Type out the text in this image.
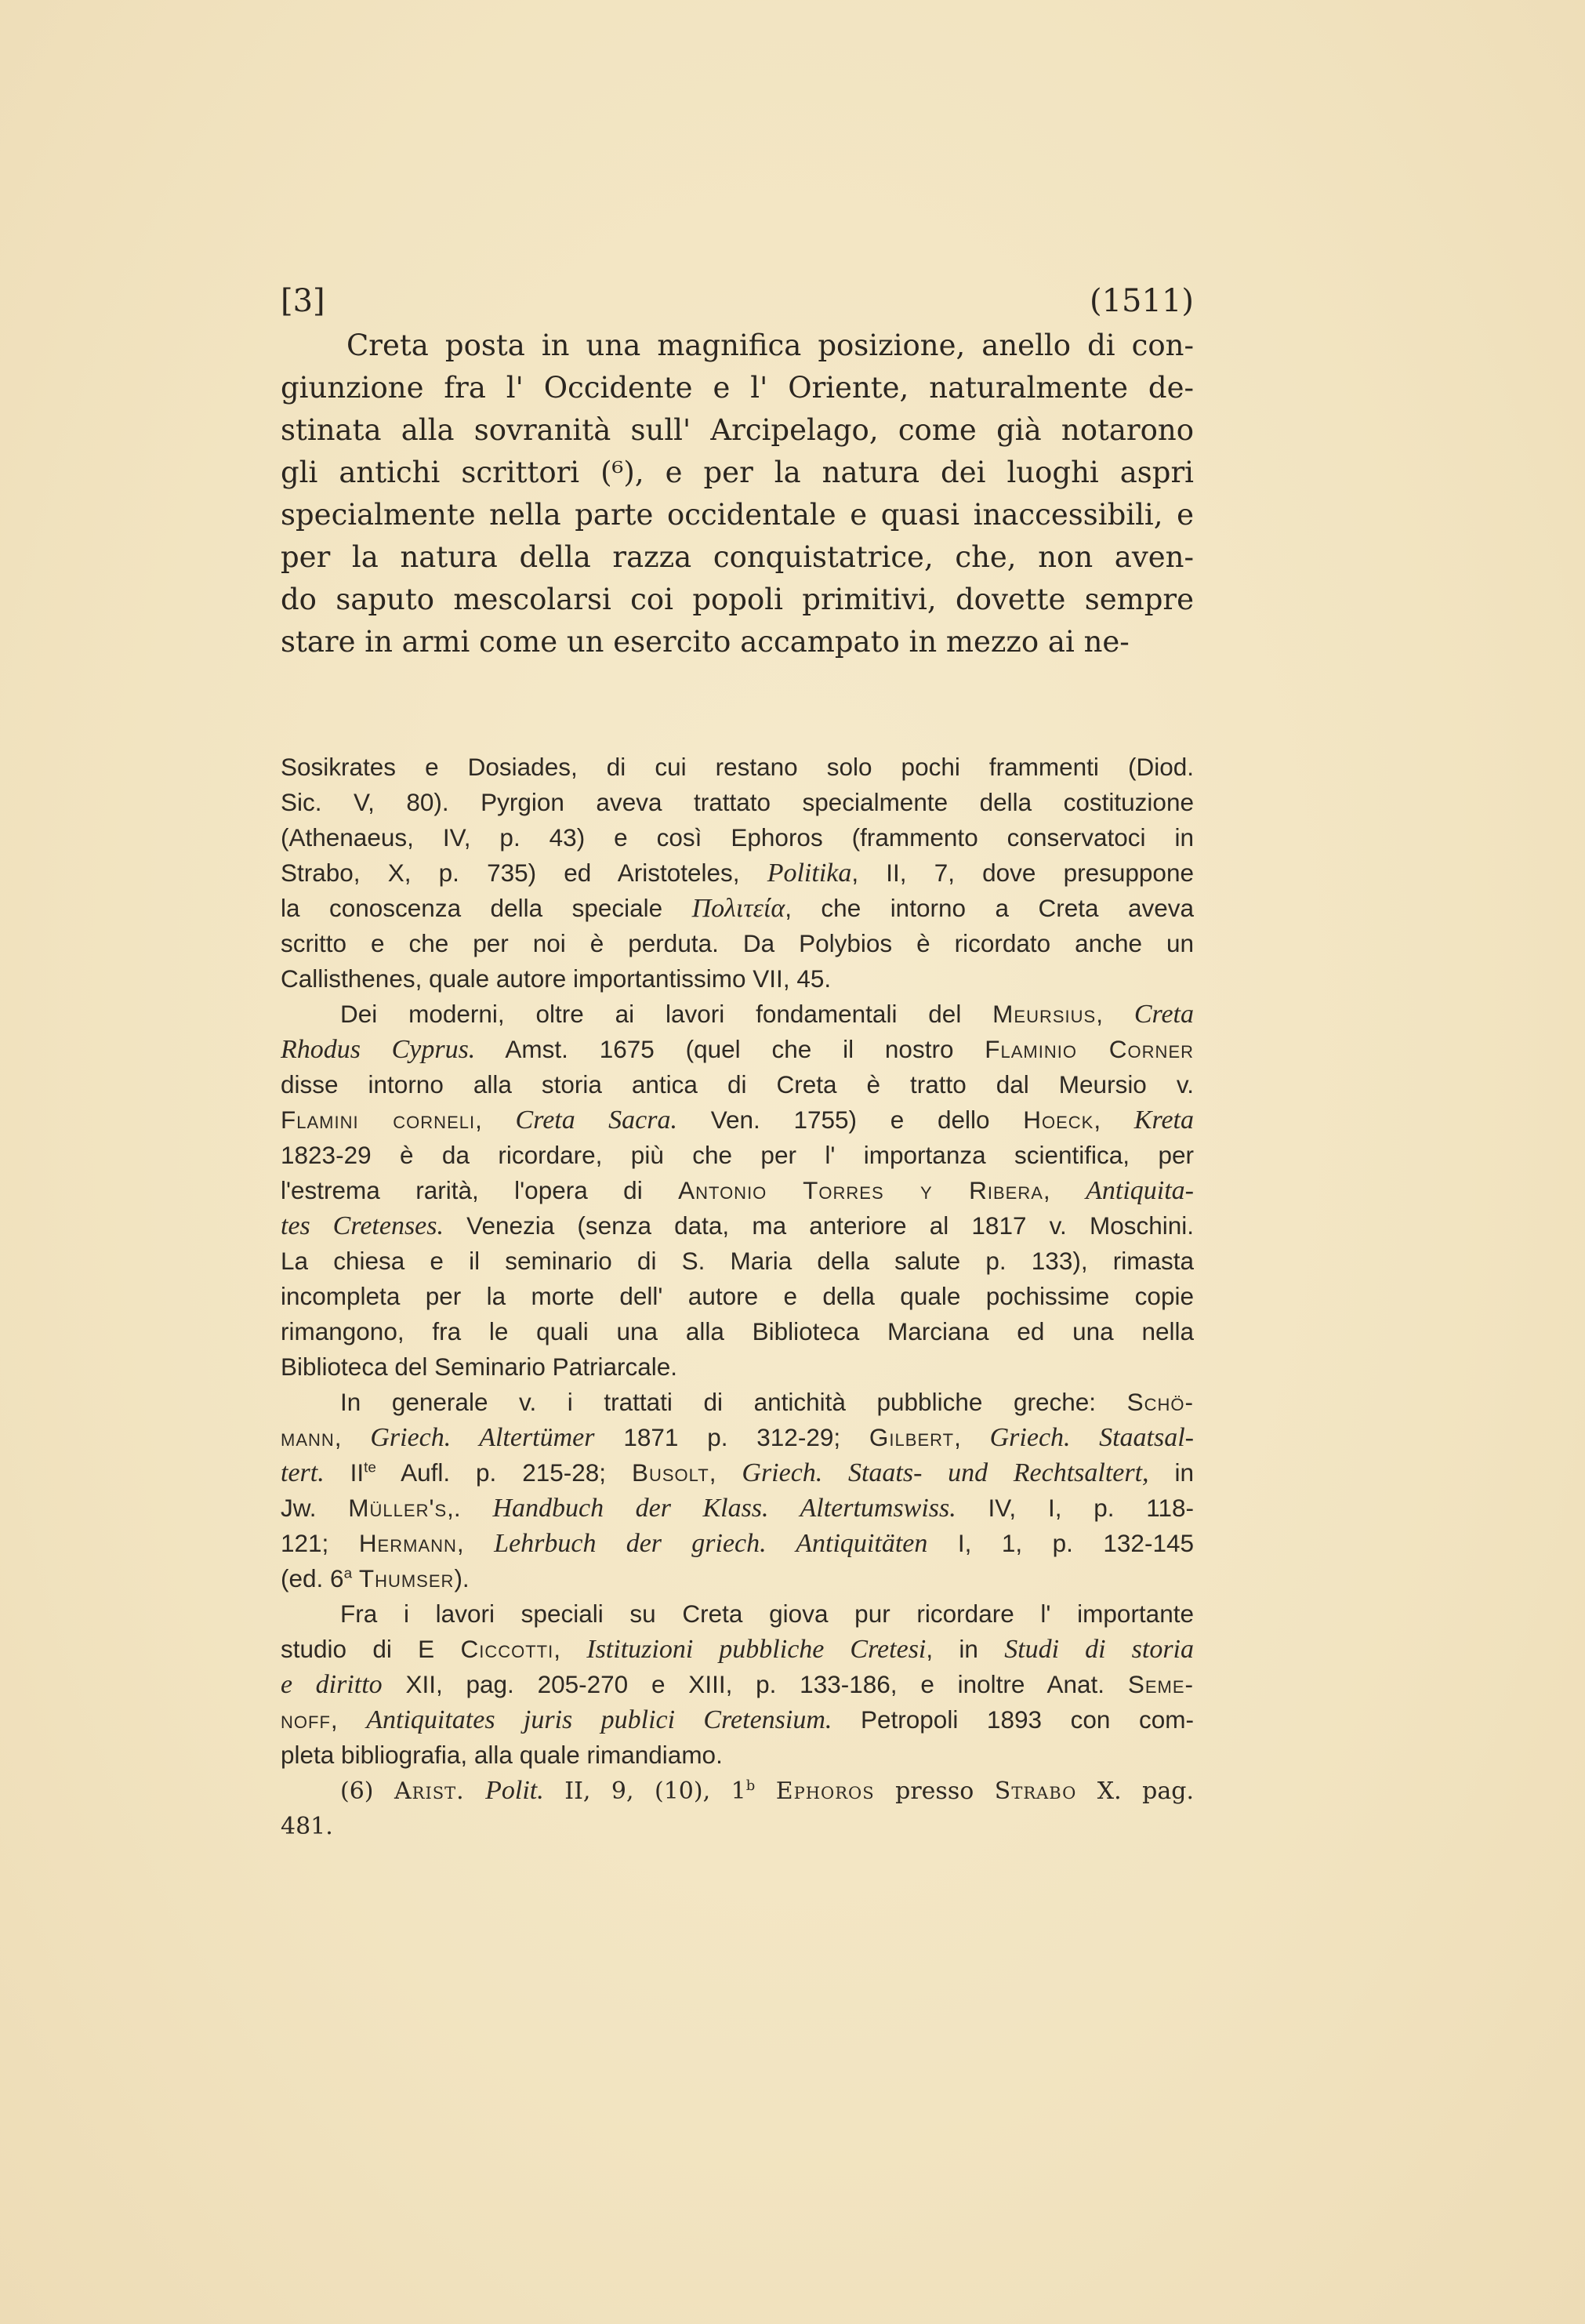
[3]	(1511)
Creta posta in una magnifica posizione, anello di con-
giunzione fra l' Occidente e l' Oriente, naturalmente de-
stinata alla sovranità sull' Arcipelago, come già notarono
gli antichi scrittori (⁶), e per la natura dei luoghi aspri
specialmente nella parte occidentale e quasi inaccessibili, e
per la natura della razza conquistatrice, che, non aven-
do saputo mescolarsi coi popoli primitivi, dovette sempre
stare in armi come un esercito accampato in mezzo ai ne-

Sosikrates e Dosiades, di cui restano solo pochi frammenti (Diod.
Sic. V, 80). Pyrgion aveva trattato specialmente della costituzione
(Athenaeus, IV, p. 43) e così Ephoros (frammento conservatoci in
Strabo, X, p. 735) ed Aristoteles, Politika, II, 7, dove presuppone
la conoscenza della speciale Πολιτεία, che intorno a Creta aveva
scritto e che per noi è perduta. Da Polybios è ricordato anche un
Callisthenes, quale autore importantissimo VII, 45.

Dei moderni, oltre ai lavori fondamentali del Meursius, Creta
Rhodus Cyprus. Amst. 1675 (quel che il nostro Flaminio Corner
disse intorno alla storia antica di Creta è tratto dal Meursio v.
Flamini corneli, Creta Sacra. Ven. 1755) e dello Hoeck, Kreta
1823-29 è da ricordare, più che per l' importanza scientifica, per
l'estrema rarità, l'opera di Antonio Torres y Ribera, Antiquita-
tes Cretenses. Venezia (senza data, ma anteriore al 1817 v. Moschini.
La chiesa e il seminario di S. Maria della salute p. 133), rimasta
incompleta per la morte dell' autore e della quale pochissime copie
rimangono, fra le quali una alla Biblioteca Marciana ed una nella
Biblioteca del Seminario Patriarcale.

In generale v. i trattati di antichità pubbliche greche: Schö-
mann, Griech. Altertümer 1871 p. 312-29; Gilbert, Griech. Staatsal-
tert. $II^{te}$ Aufl. p. 215-28; Busolt, Griech. Staats- und Rechtsaltert, in
Jw. Müller's,. Handbuch der Klass. Altertumswiss. IV, I, p. 118-
121; Hermann, Lehrbuch der griech. Antiquitäten I, 1, p. 132-145
(ed. 6$^a$ Thumser).

Fra i lavori speciali su Creta giova pur ricordare l' importante
studio di E Ciccotti, Istituzioni pubbliche Cretesi, in Studi di storia
e diritto XII, pag. 205-270 e XIII, p. 133-186, e inoltre Anat. Seme-
noff, Antiquitates juris publici Cretensium. Petropoli 1893 con com-
pleta bibliografia, alla quale rimandiamo.

(6) Arist. Polit. II, 9, (10), 1$^b$ Ephoros presso Strabo X. pag.
481.
